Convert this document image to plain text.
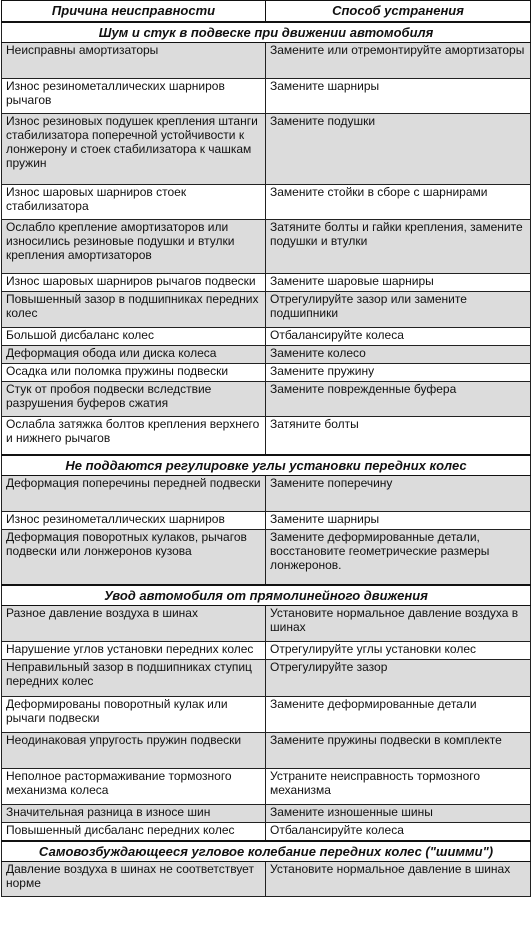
Причина неисправности	Способ устранения
Шум и стук в подвеске при движении автомобиля	
Неисправны амортизаторы	Замените или отремонтируйте амортизаторы
Износ резинометаллических шарниров рычагов	Замените шарниры
Износ резиновых подушек крепления штанги стабилизатора поперечной устойчивости к лонжерону и стоек стабилизатора к чашкам пружин	Замените подушки
Износ шаровых шарниров стоек стабилизатора	Замените стойки в сборе с шарнирами
Ослабло крепление амортизаторов или износились резиновые подушки и втулки крепления амортизаторов	Затяните болты и гайки крепления, замените подушки и втулки
Износ шаровых шарниров рычагов подвески	Замените шаровые шарниры
Повышенный зазор в подшипниках передних колес	Отрегулируйте зазор или замените подшипники
Большой дисбаланс колес	Отбалансируйте колеса
Деформация обода или диска колеса	Замените колесо
Осадка или поломка пружины подвески	Замените пружину
Стук от пробоя подвески вследствие разрушения буферов сжатия	Замените поврежденные буфера
Ослабла затяжка болтов крепления верхнего и нижнего рычагов	Затяните болты
Не поддаются регулировке углы установки передних колес	
Деформация поперечины передней подвески	Замените поперечину
Износ резинометаллических шарниров	Замените шарниры
Деформация поворотных кулаков, рычагов подвески или лонжеронов кузова	Замените деформированные детали, восстановите геометрические размеры лонжеронов.
Увод автомобиля от прямолинейного движения	
Разное давление воздуха в шинах	Установите нормальное давление воздуха в шинах
Нарушение углов установки передних колес	Отрегулируйте углы установки колес
Неправильный зазор в подшипниках ступиц передних колес	Отрегулируйте зазор
Деформированы поворотный кулак или рычаги подвески	Замените деформированные детали
Неодинаковая упругость пружин подвески	Замените пружины подвески в комплекте
Неполное растормаживание тормозного механизма колеса	Устраните неисправность тормозного механизма
Значительная разница в износе шин	Замените изношенные шины
Повышенный дисбаланс передних колес	Отбалансируйте колеса
Самовозбуждающееся угловое колебание передних колес ("шимми")	
Давление воздуха в шинах не соответствует норме	Установите нормальное давление в шинах
